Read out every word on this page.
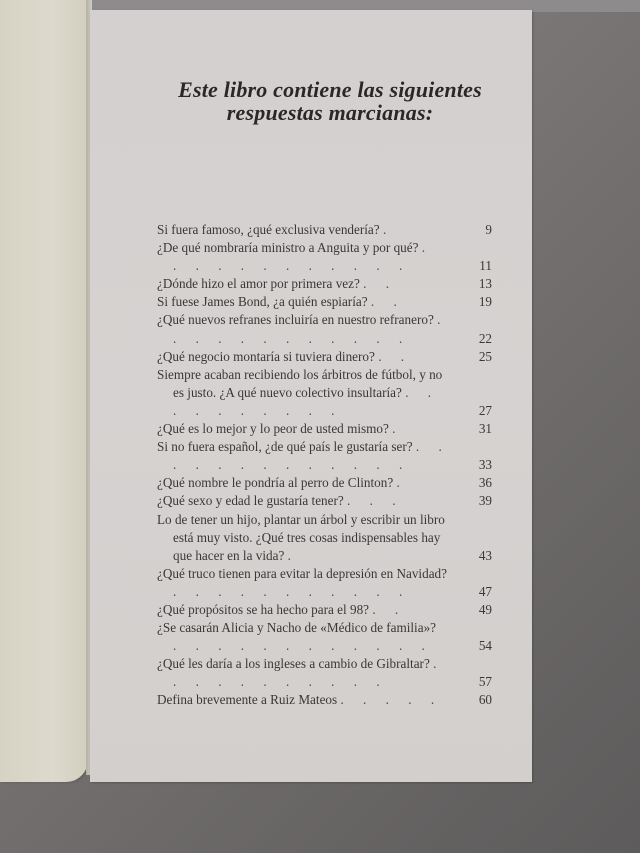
Este libro contiene las siguientes
respuestas marcianas:
Si fuera famoso, ¿qué exclusiva vendería? .	9
¿De qué nombraría ministro a Anguita y por qué? . . . . . . . . . . . .	11
¿Dónde hizo el amor por primera vez? . .	13
Si fuese James Bond, ¿a quién espiaría? . .	19
¿Qué nuevos refranes incluiría en nuestro refranero? . . . . . . . . . . . .	22
¿Qué negocio montaría si tuviera dinero? . .	25
Siempre acaban recibiendo los árbitros de fútbol, y no es justo. ¿A qué nuevo colectivo insultaría? . . . . . . . . . .	27
¿Qué es lo mejor y lo peor de usted mismo? .	31
Si no fuera español, ¿de qué país le gustaría ser? . . . . . . . . . . . . .	33
¿Qué nombre le pondría al perro de Clinton? .	36
¿Qué sexo y edad le gustaría tener? . . .	39
Lo de tener un hijo, plantar un árbol y escribir un libro está muy visto. ¿Qué tres cosas indispensables hay que hacer en la vida? .	43
¿Qué truco tienen para evitar la depresión en Navidad? . . . . . . . . . . .	47
¿Qué propósitos se ha hecho para el 98? . .	49
¿Se casarán Alicia y Nacho de «Médico de familia»? . . . . . . . . . . . .	54
¿Qué les daría a los ingleses a cambio de Gibraltar? . . . . . . . . . . .	57
Defina brevemente a Ruiz Mateos . . . . .	60
